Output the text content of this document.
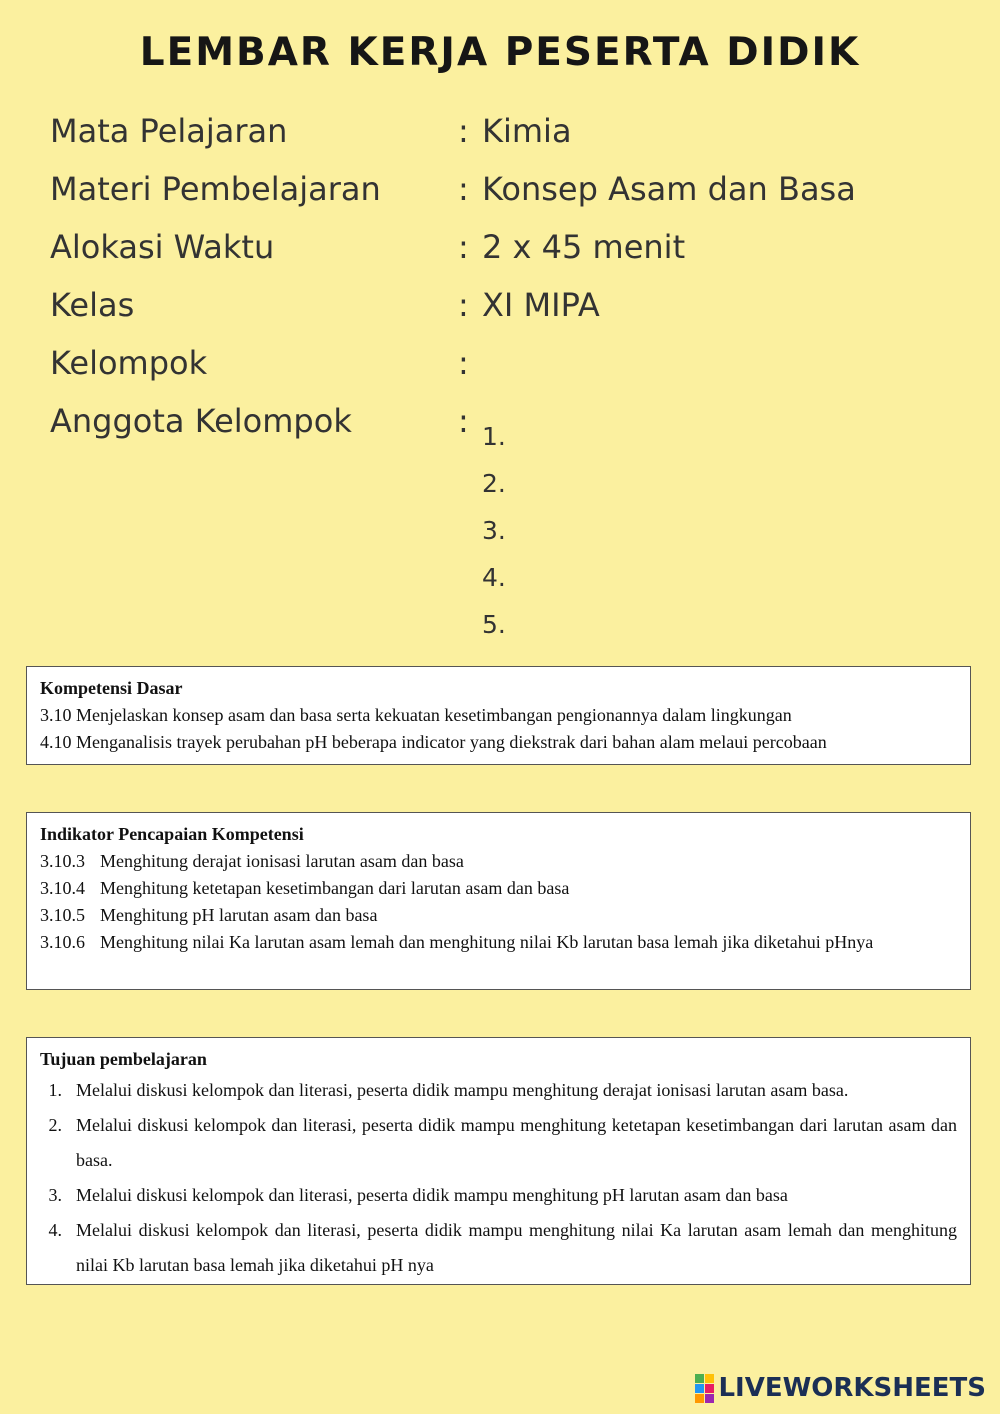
LEMBAR KERJA PESERTA DIDIK
Mata Pelajaran	: Kimia
Materi Pembelajaran : Konsep Asam dan Basa
Alokasi Waktu	: 2 x 45 menit
Kelas	: XI MIPA
Kelompok	:
Anggota Kelompok	: 1.
2.
3.
4.
5.
Kompetensi Dasar
3.10 Menjelaskan konsep asam dan basa serta kekuatan kesetimbangan pengionannya dalam lingkungan
4.10 Menganalisis trayek perubahan pH beberapa indicator yang diekstrak dari bahan alam melaui percobaan
Indikator Pencapaian Kompetensi
3.10.3 Menghitung derajat ionisasi larutan asam dan basa
3.10.4 Menghitung ketetapan kesetimbangan dari larutan asam dan basa
3.10.5 Menghitung pH larutan asam dan basa
3.10.6 Menghitung nilai Ka larutan asam lemah dan menghitung nilai Kb larutan basa lemah jika diketahui pHnya
Tujuan pembelajaran
1. Melalui diskusi kelompok dan literasi, peserta didik mampu menghitung derajat ionisasi larutan asam basa.
2. Melalui diskusi kelompok dan literasi, peserta didik mampu menghitung ketetapan kesetimbangan dari larutan asam dan basa.
3. Melalui diskusi kelompok dan literasi, peserta didik mampu menghitung pH larutan asam dan basa
4. Melalui diskusi kelompok dan literasi, peserta didik mampu menghitung nilai Ka larutan asam lemah dan menghitung nilai Kb larutan basa lemah jika diketahui pH nya
LIVEWORKSHEETS
